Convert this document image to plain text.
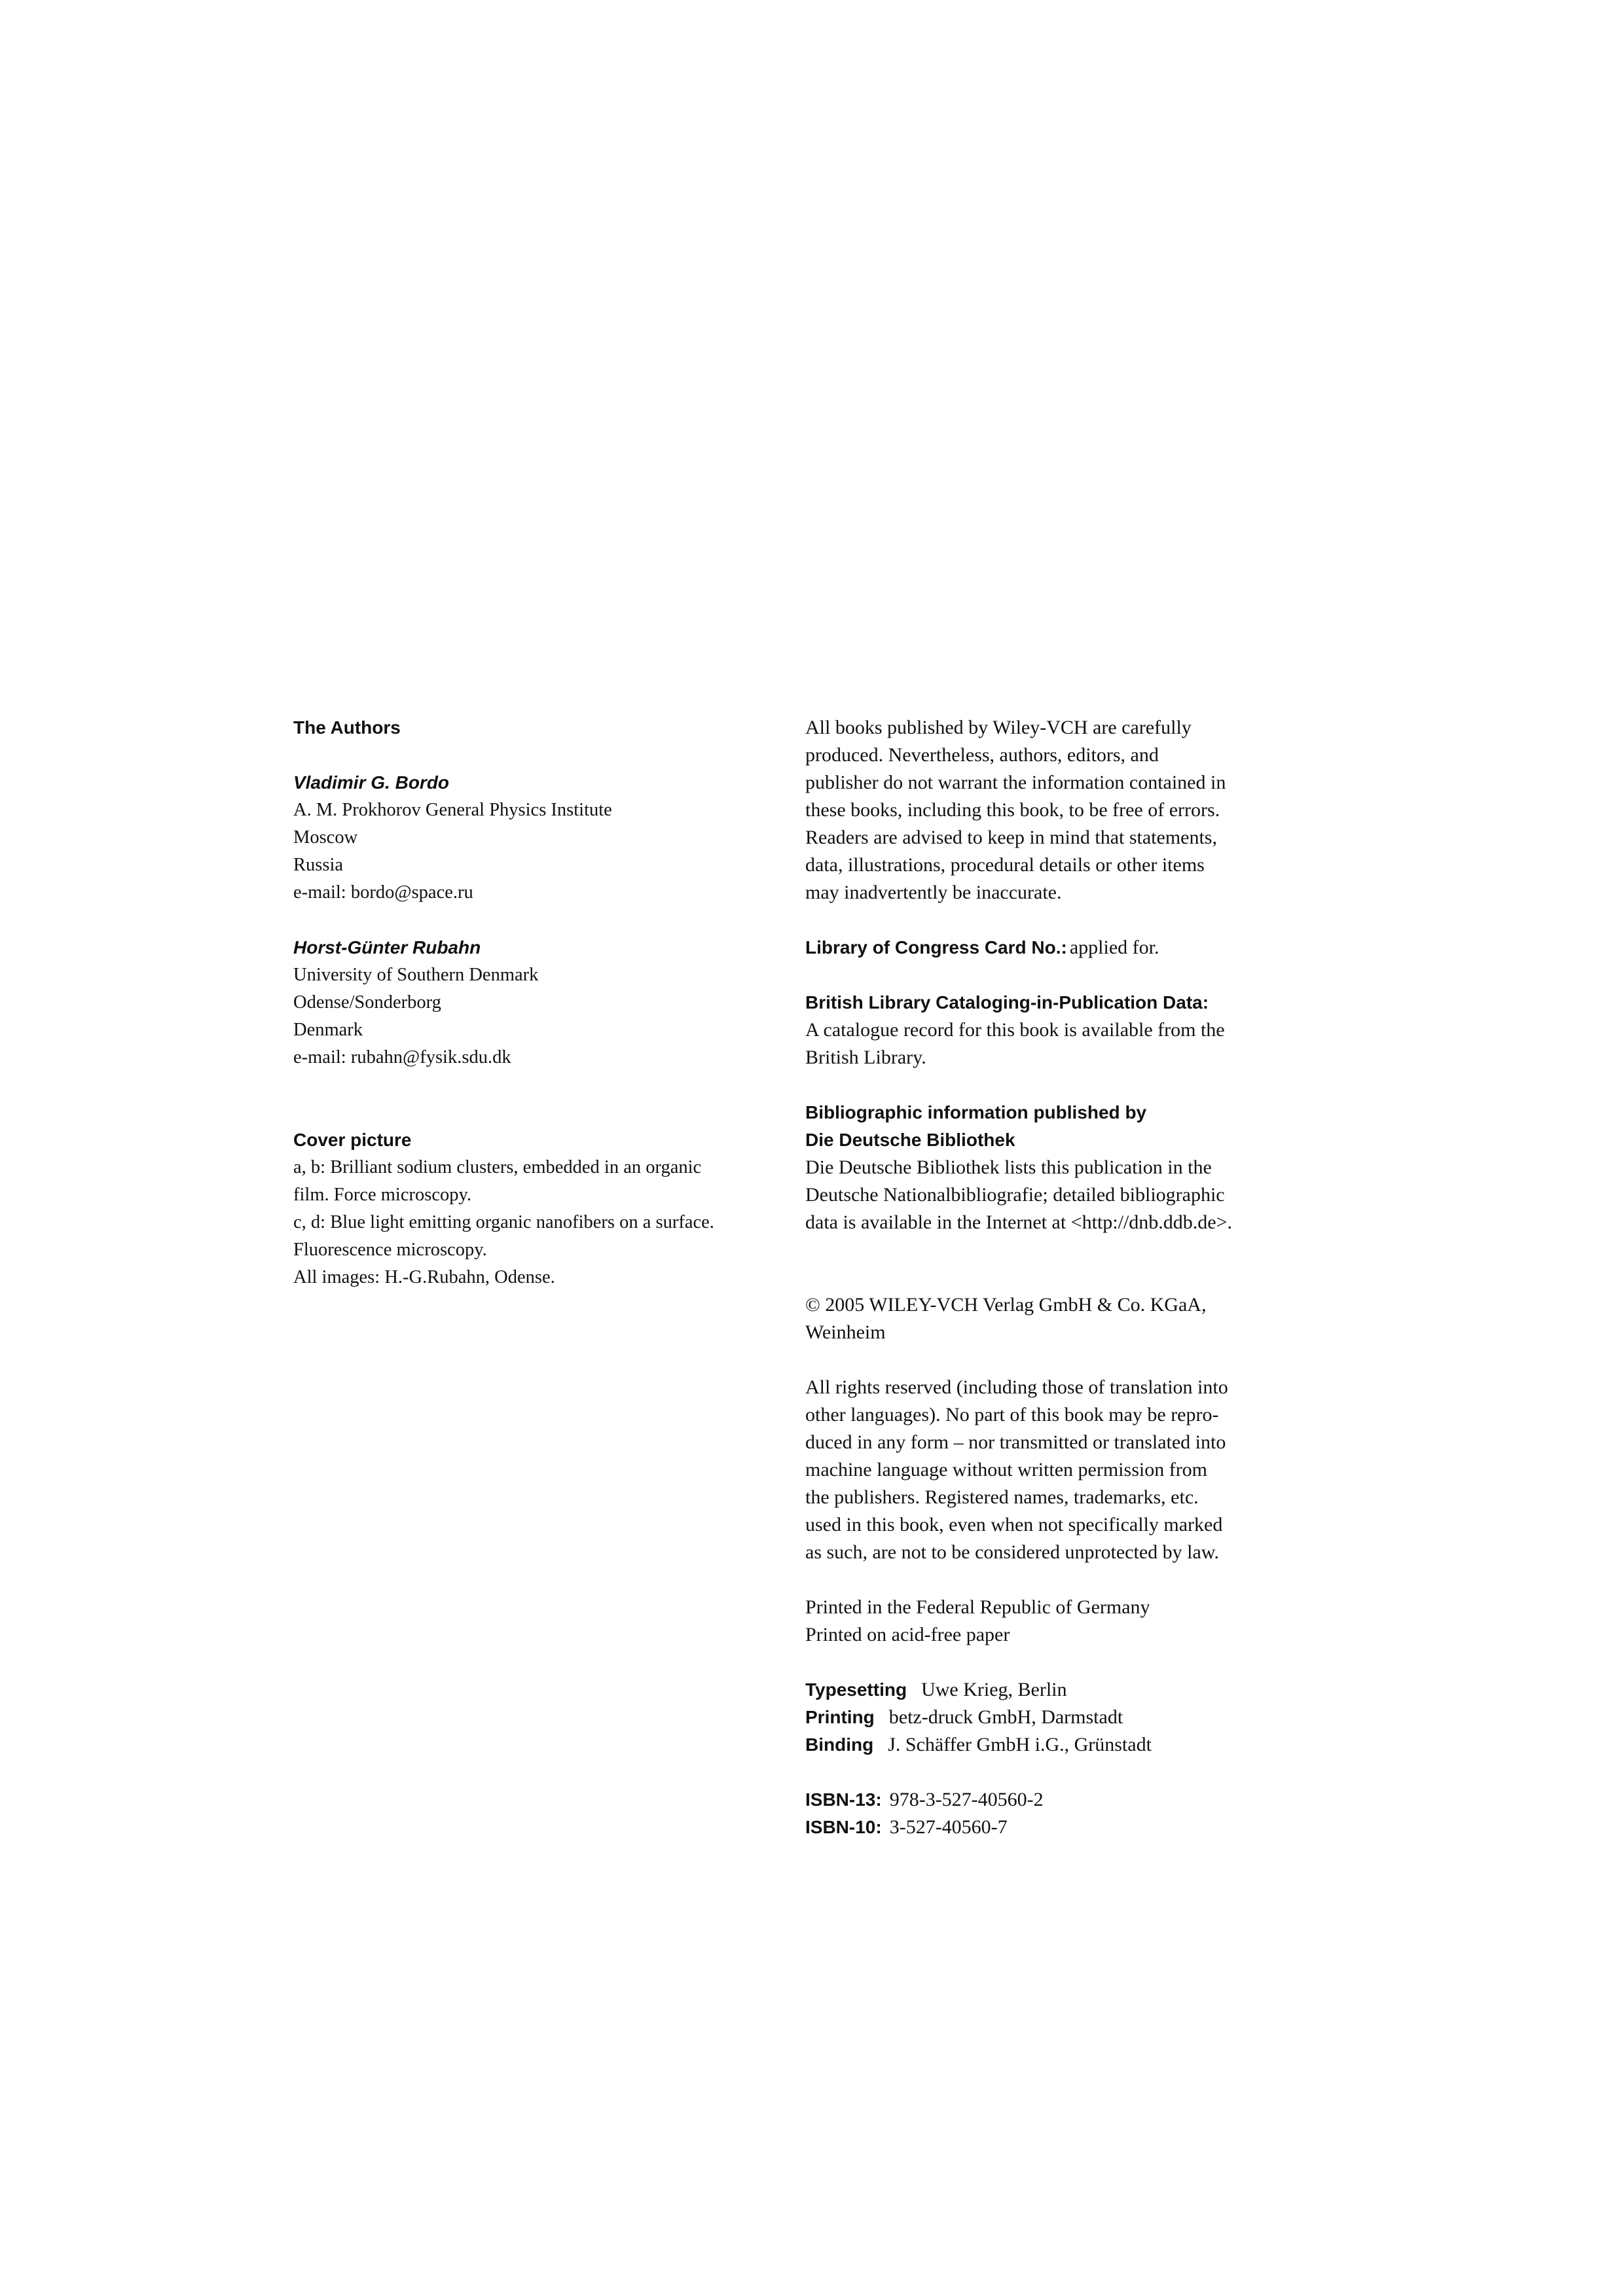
The Authors
Vladimir G. Bordo
A. M. Prokhorov General Physics Institute
Moscow
Russia
e-mail: bordo@space.ru
Horst-Günter Rubahn
University of Southern Denmark
Odense/Sonderborg
Denmark
e-mail: rubahn@fysik.sdu.dk
Cover picture
a, b: Brilliant sodium clusters, embedded in an organic
film. Force microscopy.
c, d: Blue light emitting organic nanofibers on a surface.
Fluorescence microscopy.
All images: H.-G.Rubahn, Odense.
All books published by Wiley-VCH are carefully
produced. Nevertheless, authors, editors, and
publisher do not warrant the information contained in
these books, including this book, to be free of errors.
Readers are advised to keep in mind that statements,
data, illustrations, procedural details or other items
may inadvertently be inaccurate.
Library of Congress Card No.: applied for.
British Library Cataloging-in-Publication Data:
A catalogue record for this book is available from the
British Library.
Bibliographic information published by
Die Deutsche Bibliothek
Die Deutsche Bibliothek lists this publication in the
Deutsche Nationalbibliografie; detailed bibliographic
data is available in the Internet at <http://dnb.ddb.de>.
© 2005 WILEY-VCH Verlag GmbH & Co. KGaA,
Weinheim
All rights reserved (including those of translation into
other languages). No part of this book may be repro-
duced in any form – nor transmitted or translated into
machine language without written permission from
the publishers. Registered names, trademarks, etc.
used in this book, even when not specifically marked
as such, are not to be considered unprotected by law.
Printed in the Federal Republic of Germany
Printed on acid-free paper
Typesetting Uwe Krieg, Berlin
Printing betz-druck GmbH, Darmstadt
Binding J. Schäffer GmbH i.G., Grünstadt
ISBN-13: 978-3-527-40560-2
ISBN-10: 3-527-40560-7
